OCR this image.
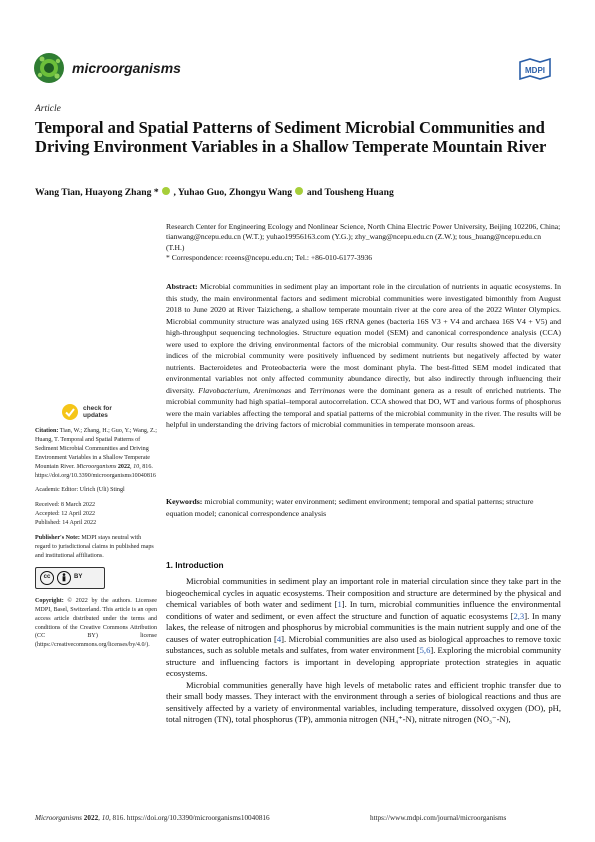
microorganisms	MDPI
Article
Temporal and Spatial Patterns of Sediment Microbial Communities and Driving Environment Variables in a Shallow Temperate Mountain River
Wang Tian, Huayong Zhang * , Yuhao Guo, Zhongyu Wang  and Tousheng Huang
Research Center for Engineering Ecology and Nonlinear Science, North China Electric Power University, Beijing 102206, China; tianwang@ncepu.edu.cn (W.T.); yuhao19956163.com (Y.G.); zhy_wang@ncepu.edu.cn (Z.W.); tous_huang@ncepu.edu.cn (T.H.)
* Correspondence: rceens@ncepu.edu.cn; Tel.: +86-010-6177-3936
Abstract: Microbial communities in sediment play an important role in the circulation of nutrients in aquatic ecosystems. In this study, the main environmental factors and sediment microbial communities were investigated bimonthly from August 2018 to June 2020 at River Taizicheng, a shallow temperate mountain river at the core area of the 2022 Winter Olympics. Microbial community structure was analyzed using 16S rRNA genes (bacteria 16S V3 + V4 and archaea 16S V4 + V5) and high-throughput sequencing technologies. Structure equation model (SEM) and canonical correspondence analysis (CCA) were used to explore the driving environmental factors of the microbial community. Our results showed that the diversity indices of the microbial community were positively influenced by sediment nutrients but negatively affected by water nutrients. Bacteroidetes and Proteobacteria were the most dominant phyla. The best-fitted SEM model indicated that environmental variables not only affected community abundance directly, but also indirectly through influencing their diversity. Flavobacterium, Arenimonas and Terrimonas were the dominant genera as a result of enriched nutrients. The microbial community had high spatial–temporal autocorrelation. CCA showed that DO, WT and various forms of phosphorus were the main variables affecting the temporal and spatial patterns of the microbial community in the river. The results will be helpful in understanding the driving factors of microbial communities in temperate monsoon areas.
Keywords: microbial community; water environment; sediment environment; temporal and spatial patterns; structure equation model; canonical correspondence analysis
check for
updates
Citation: Tian, W.; Zhang, H.; Guo, Y.; Wang, Z.; Huang, T. Temporal and Spatial Patterns of Sediment Microbial Communities and Driving Environment Variables in a Shallow Temperate Mountain River. Microorganisms 2022, 10, 816. https://doi.org/10.3390/microorganisms10040816
Academic Editor: Ulrich (Uli) Stingl
Received: 8 March 2022
Accepted: 12 April 2022
Published: 14 April 2022
Publisher's Note: MDPI stays neutral with regard to jurisdictional claims in published maps and institutional affiliations.
cc	BY
Copyright: © 2022 by the authors. Licensee MDPI, Basel, Switzerland. This article is an open access article distributed under the terms and conditions of the Creative Commons Attribution (CC BY) license (https://creativecommons.org/licenses/by/4.0/).
1. Introduction

Microbial communities in sediment play an important role in material circulation since they take part in the biogeochemical cycles in aquatic ecosystems. Their composition and structure are determined by the physical and chemical variables of both water and sediment [1]. In turn, microbial communities influence the environmental conditions of water and sediment, or even affect the structure and function of aquatic ecosystems [2,3]. In many lakes, the release of nitrogen and phosphorus by microbial communities is the main nutrient supply and one of the causes of water eutrophication [4]. Microbial communities are also used as biological approaches to remove toxic substances, such as soluble metals and sulfates, from water environment [5,6]. Exploring the microbial community structure and influencing factors is important in developing appropriate protection strategies in aquatic ecosystems.

Microbial communities generally have high levels of metabolic rates and efficient trophic transfer due to their small body masses. They interact with the environment through a series of biological reactions and thus are sensitively affected by a variety of environmental variables, including temperature, dissolved oxygen (DO), pH, total nitrogen (TN), total phosphorus (TP), ammonia nitrogen (NH₄⁺-N), nitrate nitrogen (NO₃⁻-N),

Microorganisms 2022, 10, 816. https://doi.org/10.3390/microorganisms10040816	https://www.mdpi.com/journal/microorganisms
